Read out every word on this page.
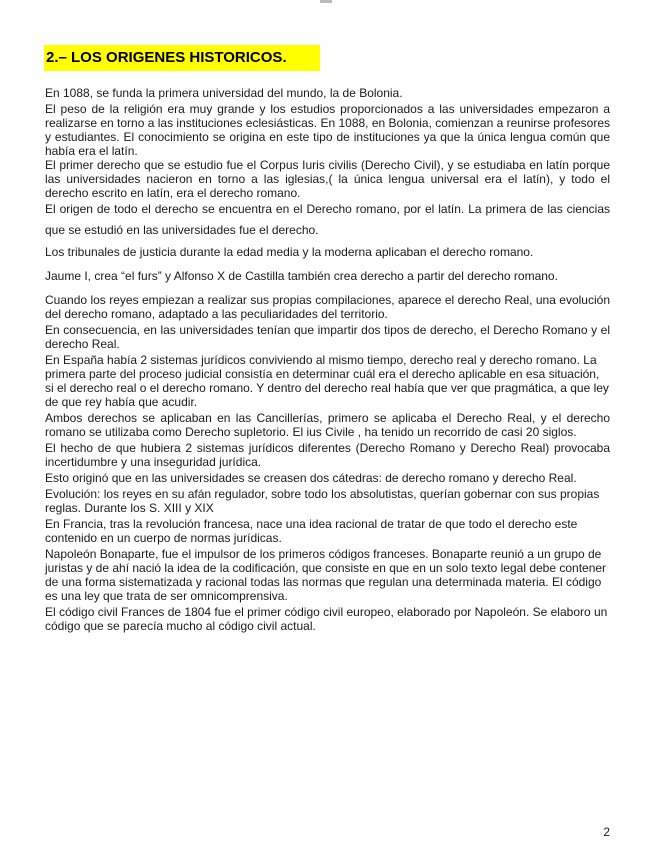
2.– LOS ORIGENES HISTORICOS.

En 1088, se funda la primera universidad del mundo, la de Bolonia.

El peso de la religión era muy grande y los estudios proporcionados a las universidades empezaron a realizarse en torno a las instituciones eclesiásticas. En 1088, en Bolonia, comienzan a reunirse profesores y estudiantes. El conocimiento se origina en este tipo de instituciones ya que la única lengua común que había era el latín.

El primer derecho que se estudio fue el Corpus Iuris civilis (Derecho Civil), y se estudiaba en latín porque las universidades nacieron en torno a las iglesias,( la única lengua universal era el latín), y todo el derecho escrito en latín, era el derecho romano.

El origen de todo el derecho se encuentra en el Derecho romano, por el latín. La primera de las ciencias que se estudió en las universidades fue el derecho.

Los tribunales de justicia durante la edad media y la moderna aplicaban el derecho romano.

Jaume I, crea “el furs” y Alfonso X de Castilla también crea derecho a partir del derecho romano.

Cuando los reyes empiezan a realizar sus propias compilaciones, aparece el derecho Real, una evolución del derecho romano, adaptado a las peculiaridades del territorio.

En consecuencia, en las universidades tenían que impartir dos tipos de derecho, el Derecho Romano y el derecho Real.

En España había 2 sistemas jurídicos conviviendo al mismo tiempo, derecho real y derecho romano. La primera parte del proceso judicial consistía en determinar cuál era el derecho aplicable en esa situación, si el derecho real o el derecho romano. Y dentro del derecho real había que ver que pragmática, a que ley de que rey había que acudir.

Ambos derechos se aplicaban en las Cancillerías, primero se aplicaba el Derecho Real, y el derecho romano se utilizaba como Derecho supletorio. El ius Civile , ha tenido un recorrido de casi 20 siglos.

El hecho de que hubiera 2 sistemas jurídicos diferentes (Derecho Romano y Derecho Real) provocaba incertidumbre y una inseguridad jurídica.

Esto originó que en las universidades se creasen dos cátedras: de derecho romano y derecho Real.

Evolución: los reyes en su afán regulador, sobre todo los absolutistas, querían gobernar con sus propias reglas. Durante los S. XIII y XIX

En Francia, tras la revolución francesa, nace una idea racional de tratar de que todo el derecho este contenido en un cuerpo de normas jurídicas.

Napoleón Bonaparte, fue el impulsor de los primeros códigos franceses. Bonaparte reunió a un grupo de juristas y de ahí nació la idea de la codificación, que consiste en que en un solo texto legal debe contener de una forma sistematizada y racional todas las normas que regulan una determinada materia. El código es una ley que trata de ser omnicomprensiva.

El código civil Frances de 1804 fue el primer código civil europeo, elaborado por Napoleón. Se elaboro un código que se parecía mucho al código civil actual.

2
